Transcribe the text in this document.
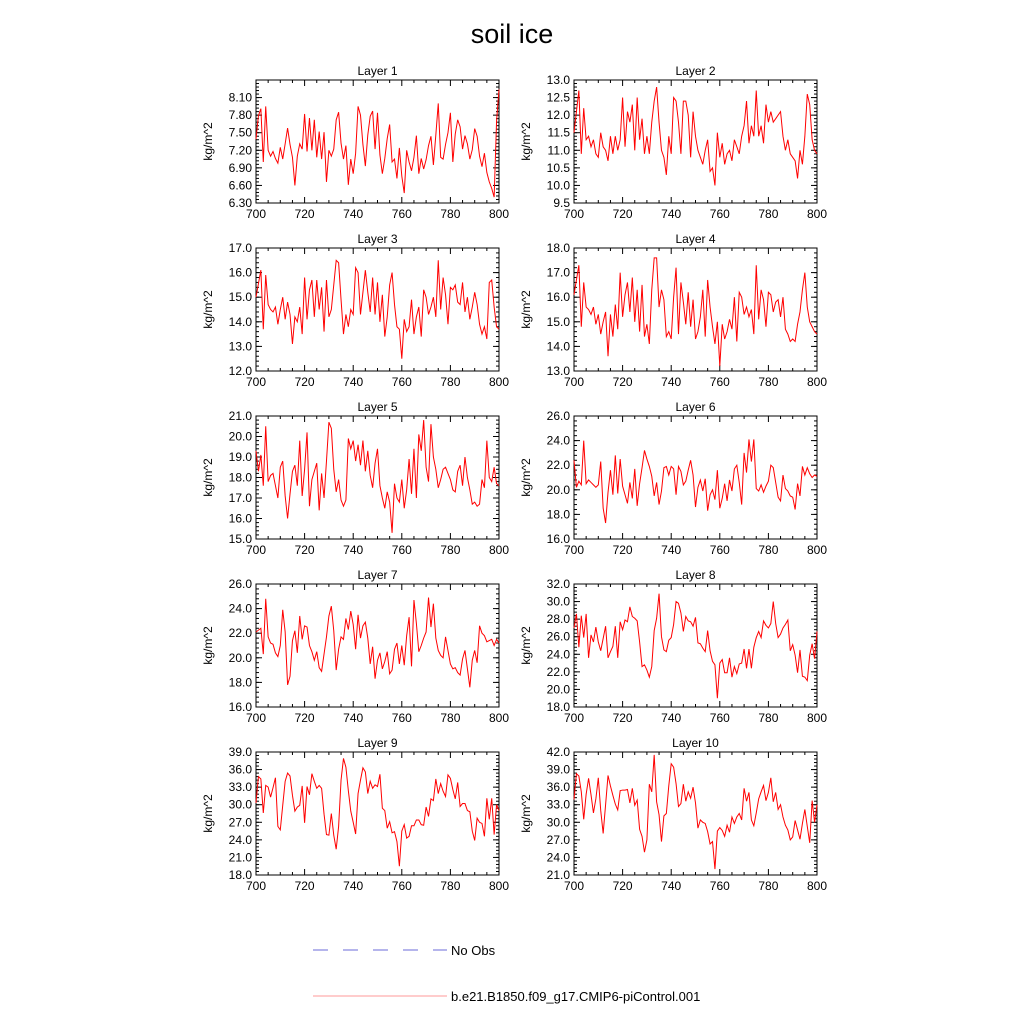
soil ice
Layer 1
kg/m^2
700 720 740 760 780 800
6.30
6.60
6.90
7.20
7.50
7.80
8.10
Layer 2
kg/m^2
700 720 740 760 780 800
9.5
10.0
10.5
11.0
11.5
12.0
12.5
13.0
Layer 3
kg/m^2
700 720 740 760 780 800
12.0
13.0
14.0
15.0
16.0
17.0
Layer 4
kg/m^2
700 720 740 760 780 800
13.0
14.0
15.0
16.0
17.0
18.0
Layer 5
kg/m^2
700 720 740 760 780 800
15.0
16.0
17.0
18.0
19.0
20.0
21.0
Layer 6
kg/m^2
700 720 740 760 780 800
16.0
18.0
20.0
22.0
24.0
26.0
Layer 7
kg/m^2
700 720 740 760 780 800
16.0
18.0
20.0
22.0
24.0
26.0
Layer 8
kg/m^2
700 720 740 760 780 800
18.0
20.0
22.0
24.0
26.0
28.0
30.0
32.0
Layer 9
kg/m^2
700 720 740 760 780 800
18.0
21.0
24.0
27.0
30.0
33.0
36.0
39.0
Layer 10
kg/m^2
700 720 740 760 780 800
21.0
24.0
27.0
30.0
33.0
36.0
39.0
42.0
No Obs
b.e21.B1850.f09_g17.CMIP6-piControl.001
